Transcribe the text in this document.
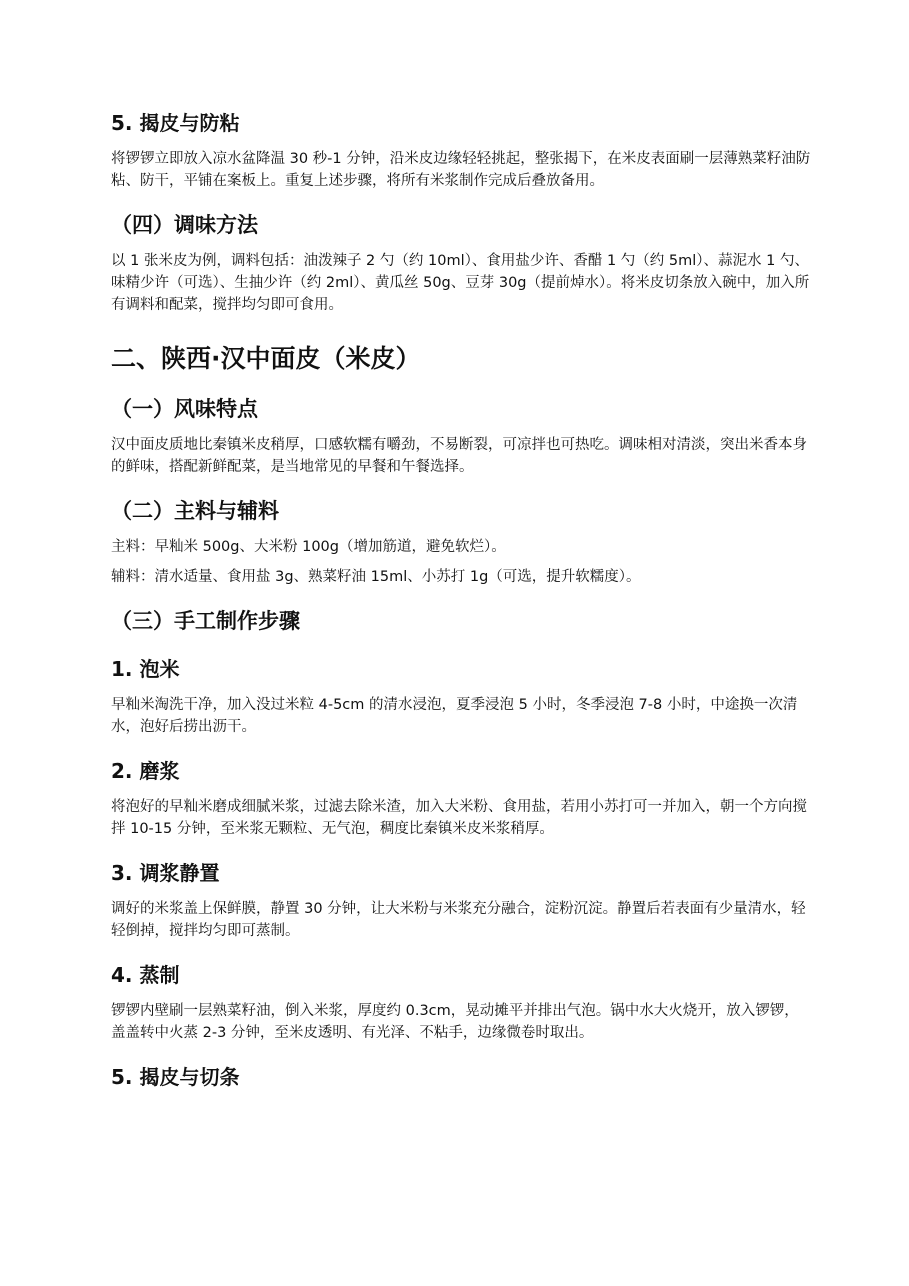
5. 揭皮与防粘

将锣锣立即放入凉水盆降温 30 秒-1 分钟，沿米皮边缘轻轻挑起，整张揭下，在米皮表面刷一层薄熟菜籽油防粘、防干，平铺在案板上。重复上述步骤，将所有米浆制作完成后叠放备用。

（四）调味方法

以 1 张米皮为例，调料包括：油泼辣子 2 勺（约 10ml）、食用盐少许、香醋 1 勺（约 5ml）、蒜泥水 1 勺、味精少许（可选）、生抽少许（约 2ml）、黄瓜丝 50g、豆芽 30g（提前焯水）。将米皮切条放入碗中，加入所有调料和配菜，搅拌均匀即可食用。

二、陕西·汉中面皮（米皮）
（一）风味特点

汉中面皮质地比秦镇米皮稍厚，口感软糯有嚼劲，不易断裂，可凉拌也可热吃。调味相对清淡，突出米香本身的鲜味，搭配新鲜配菜，是当地常见的早餐和午餐选择。

（二）主料与辅料

主料：早籼米 500g、大米粉 100g（增加筋道，避免软烂）。

辅料：清水适量、食用盐 3g、熟菜籽油 15ml、小苏打 1g（可选，提升软糯度）。

（三）手工制作步骤
1. 泡米

早籼米淘洗干净，加入没过米粒 4-5cm 的清水浸泡，夏季浸泡 5 小时，冬季浸泡 7-8 小时，中途换一次清水，泡好后捞出沥干。

2. 磨浆

将泡好的早籼米磨成细腻米浆，过滤去除米渣，加入大米粉、食用盐，若用小苏打可一并加入，朝一个方向搅拌 10-15 分钟，至米浆无颗粒、无气泡，稠度比秦镇米皮米浆稍厚。

3. 调浆静置

调好的米浆盖上保鲜膜，静置 30 分钟，让大米粉与米浆充分融合，淀粉沉淀。静置后若表面有少量清水，轻轻倒掉，搅拌均匀即可蒸制。

4. 蒸制

锣锣内壁刷一层熟菜籽油，倒入米浆，厚度约 0.3cm，晃动摊平并排出气泡。锅中水大火烧开，放入锣锣，盖盖转中火蒸 2-3 分钟，至米皮透明、有光泽、不粘手，边缘微卷时取出。

5. 揭皮与切条
